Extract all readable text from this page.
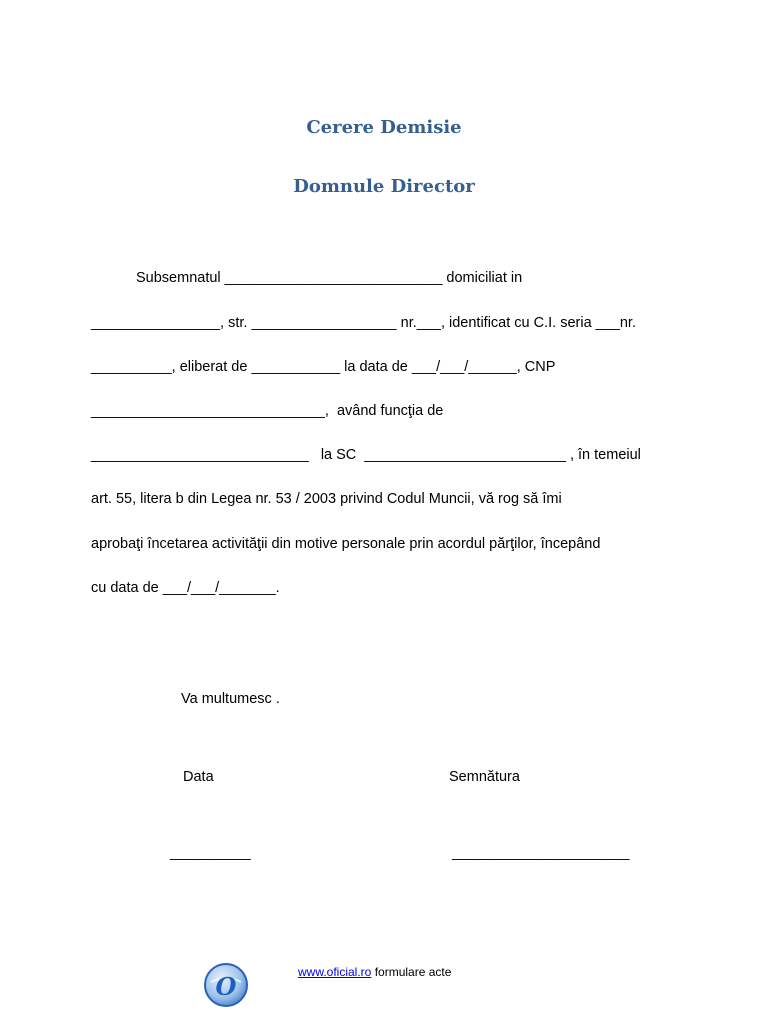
Cerere Demisie
Domnule Director
Subsemnatul ___________________________ domiciliat in
________________, str. __________________ nr.___, identificat cu C.I. seria ___nr.
__________, eliberat de ___________ la data de ___/___/______, CNP
_____________________________,  având funcţia de
___________________________   la SC  _________________________ , în temeiul
art. 55, litera b din Legea nr. 53 / 2003 privind Codul Muncii, vă rog să îmi
aprobaţi încetarea activităţii din motive personale prin acordul părţilor, începând
cu data de ___/___/_______.
Va multumesc .
Data	Semnătura
__________	______________________
O	www.oficial.ro formulare acte
